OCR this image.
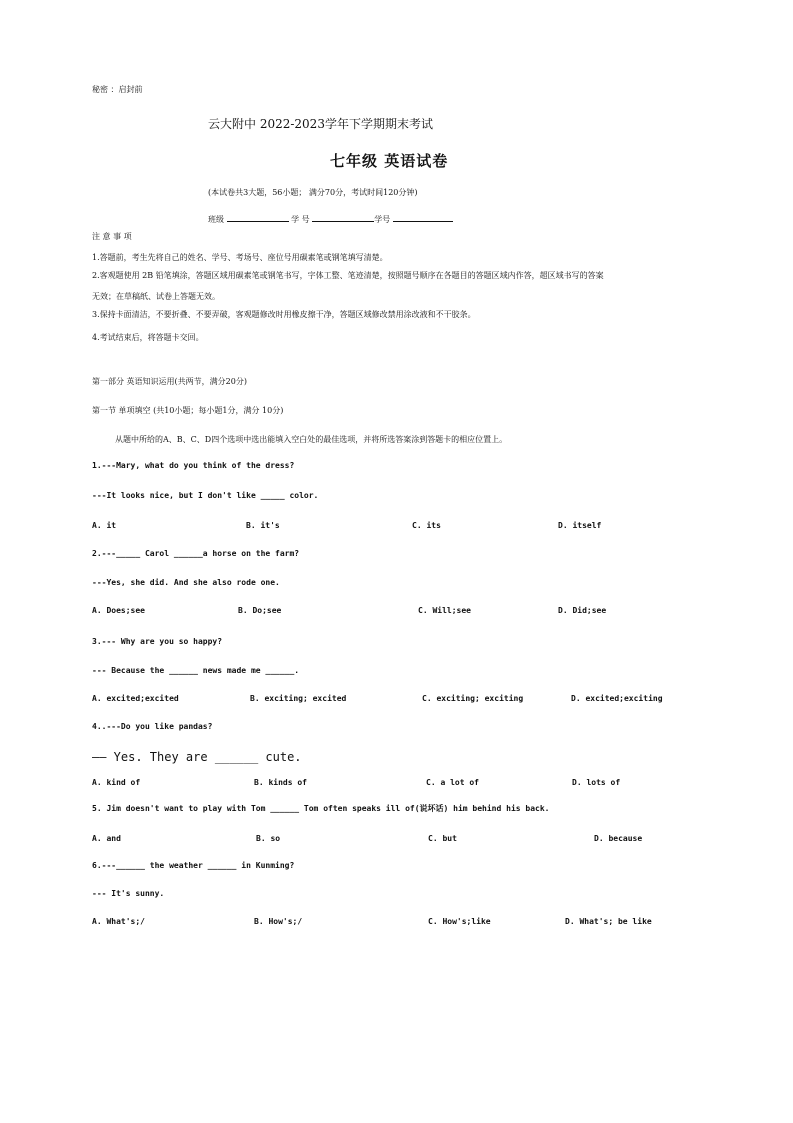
秘密 ：启封前
云大附中 2022-2023学年下学期期末考试
七年级 英语试卷
(本试卷共3大题，56小题； 满分70分，考试时间120分钟)
班级	学 号	学号
注 意 事 项
1.答题前，考生先将自己的姓名、学号、考场号、座位号用碳素笔或钢笔填写清楚。
2.客观题使用 2B 铅笔填涂，答题区域用碳素笔或钢笔书写，字体工整、笔迹清楚，按照题号顺序在各题目的答题区域内作答，超区域书写的答案
无效；在草稿纸、试卷上答题无效。
3.保持卡面清洁，不要折叠、不要弄破，客观题修改时用橡皮擦干净，答题区域修改禁用涂改液和不干胶条。
4.考试结束后，将答题卡交回。
第一部分 英语知识运用(共两节，满分20分)
第一节 单项填空 (共10小题；每小题1分，满分 10分)
从题中所给的A、B、C、D四个选项中选出能填入空白处的最佳选项，并将所选答案涂到答题卡的相应位置上。
1.---Mary, what do you think of the dress?
---It looks nice, but I don't like _____ color.
A. it	B. it's	C. its	D. itself
2.---_____ Carol ______a horse on the farm?
---Yes, she did. And she also rode one.
A. Does;see	B. Do;see	C. Will;see	D. Did;see
3.--- Why are you so happy?
--- Because the ______ news made me ______.
A. excited;excited	B. exciting; excited	C. exciting; exciting	D. excited;exciting
4..---Do you like pandas?
—— Yes. They are ______ cute.
A. kind of	B. kinds of	C. a lot of	D. lots of
5. Jim doesn't want to play with Tom ______ Tom often speaks ill of(说坏话) him behind his back.
A. and	B. so	C. but	D. because
6.---______ the weather ______ in Kunming?
--- It's sunny.
A. What's;/	B. How's;/	C. How's;like	D. What's; be like
